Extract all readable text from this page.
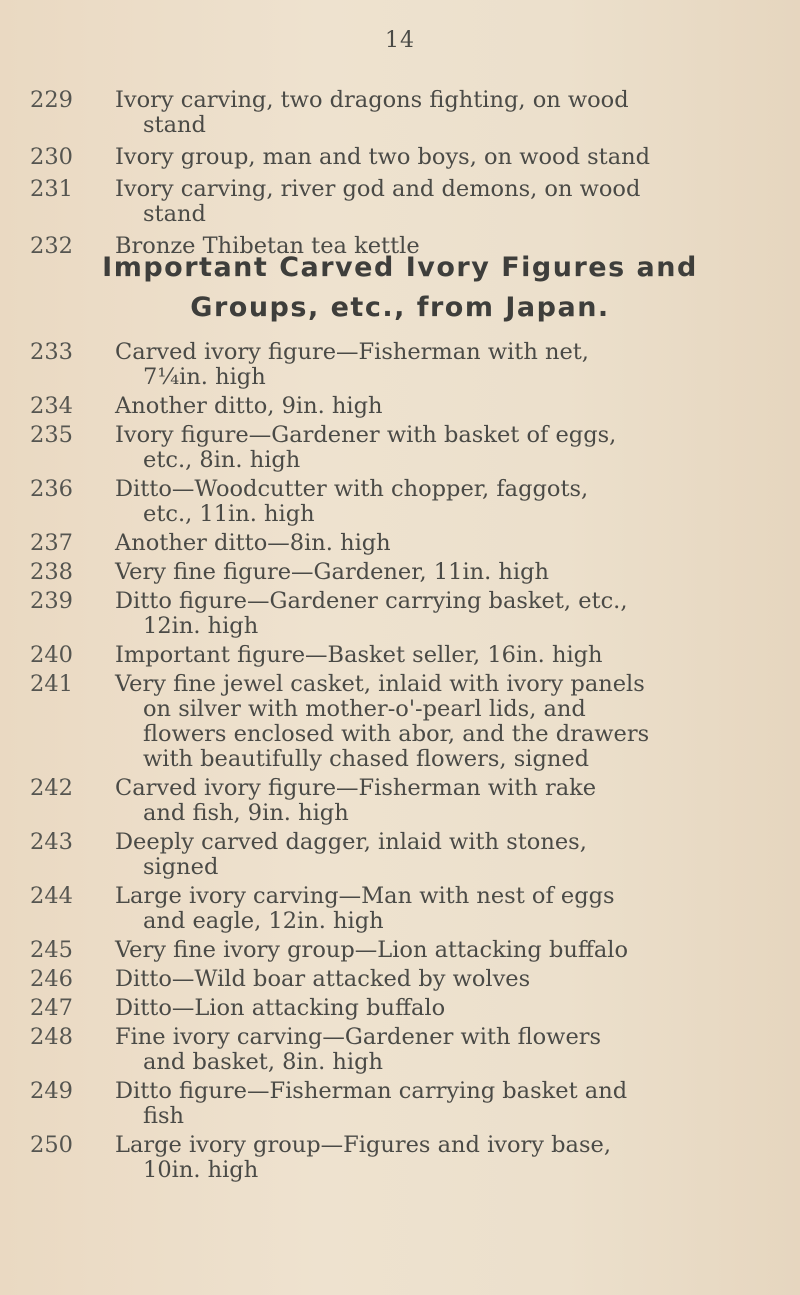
14
229	Ivory carving, two dragons fighting, on wood
stand
230	Ivory group, man and two boys, on wood stand
231	Ivory carving, river god and demons, on wood
stand
232	Bronze Thibetan tea kettle
Important Carved Ivory Figures and
Groups, etc., from Japan.
233	Carved ivory figure—Fisherman with net,
7¼in. high
234	Another ditto, 9in. high
235	Ivory figure—Gardener with basket of eggs,
etc., 8in. high
236	Ditto—Woodcutter with chopper, faggots,
etc., 11in. high
237	Another ditto—8in. high
238	Very fine figure—Gardener, 11in. high
239	Ditto figure—Gardener carrying basket, etc.,
12in. high
240	Important figure—Basket seller, 16in. high
241	Very fine jewel casket, inlaid with ivory panels
on silver with mother-o'-pearl lids, and
flowers enclosed with abor, and the drawers
with beautifully chased flowers, signed
242	Carved ivory figure—Fisherman with rake
and fish, 9in. high
243	Deeply carved dagger, inlaid with stones,
signed
244	Large ivory carving—Man with nest of eggs
and eagle, 12in. high
245	Very fine ivory group—Lion attacking buffalo
246	Ditto—Wild boar attacked by wolves
247	Ditto—Lion attacking buffalo
248	Fine ivory carving—Gardener with flowers
and basket, 8in. high
249	Ditto figure—Fisherman carrying basket and
fish
250	Large ivory group—Figures and ivory base,
10in. high
